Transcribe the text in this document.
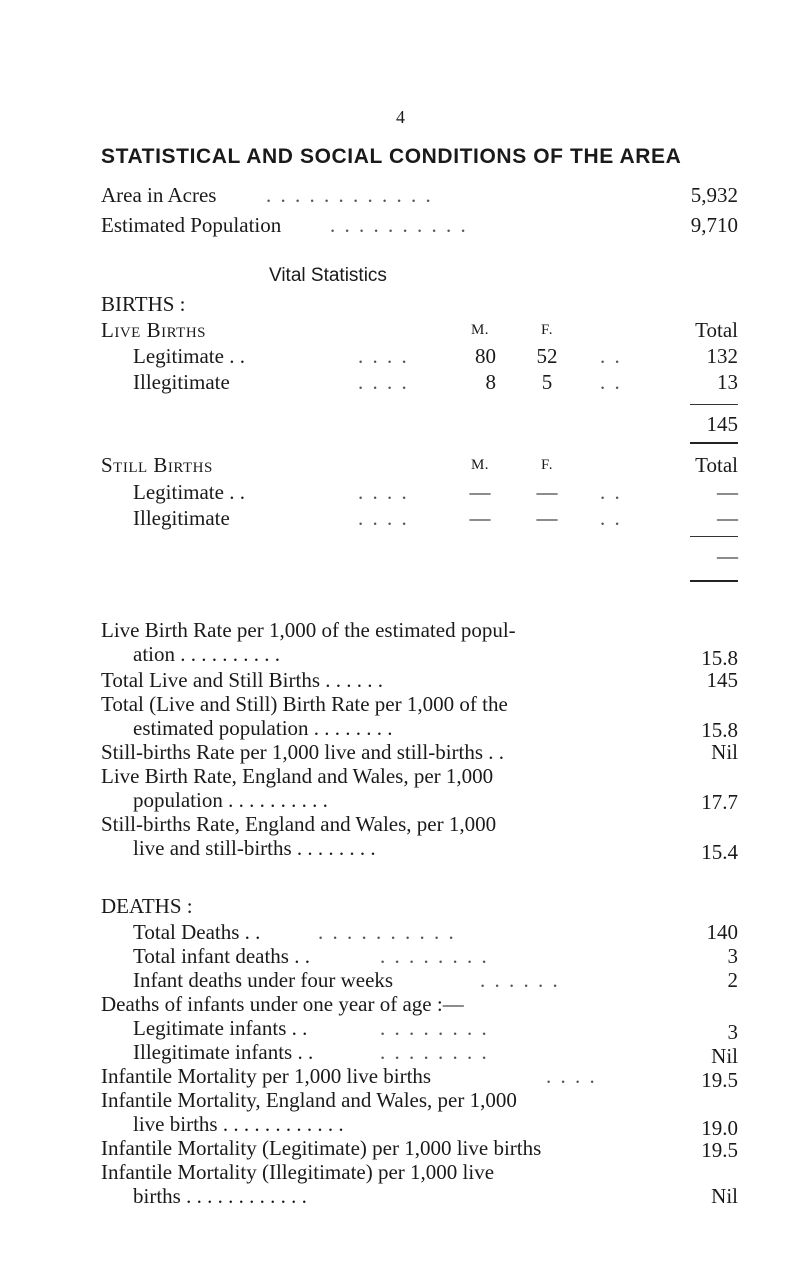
4
STATISTICAL AND SOCIAL CONDITIONS OF THE AREA
Area in Acres . . . . . . . . . . . .	5,932
Estimated Population . . . . . . . . . .	9,710
Vital Statistics
BIRTHS :
Live Births	M.	F.	Total
Legitimate . .	. . . .	80	52	. .	132
Illegitimate	. . . .	8	5	. .	13
145
Still Births	M.	F.	Total
Legitimate . .	. . . .	—	—	. .	—
Illegitimate	. . . .	—	—	. .	—
—
Live Birth Rate per 1,000 of the estimated popul-
ation . . . . . . . . . .	15.8
Total Live and Still Births . . . . . .	145
Total (Live and Still) Birth Rate per 1,000 of the
estimated population . . . . . . . .	15.8
Still-births Rate per 1,000 live and still-births . .	Nil
Live Birth Rate, England and Wales, per 1,000
population . . . . . . . . . .	17.7
Still-births Rate, England and Wales, per 1,000
live and still-births . . . . . . . .	15.4
DEATHS :
Total Deaths . .	. . . . . . . . . .	140
Total infant deaths . .	. . . . . . . .	3
Infant deaths under four weeks	. . . . . .	2
Deaths of infants under one year of age :—
Legitimate infants . .	. . . . . . . .	3
Illegitimate infants . .	. . . . . . . .	Nil
Infantile Mortality per 1,000 live births	. . . .	19.5
Infantile Mortality, England and Wales, per 1,000
live births . . . . . . . . . . . .	19.0
Infantile Mortality (Legitimate) per 1,000 live births	19.5
Infantile Mortality (Illegitimate) per 1,000 live
births . . . . . . . . . . . .	Nil
